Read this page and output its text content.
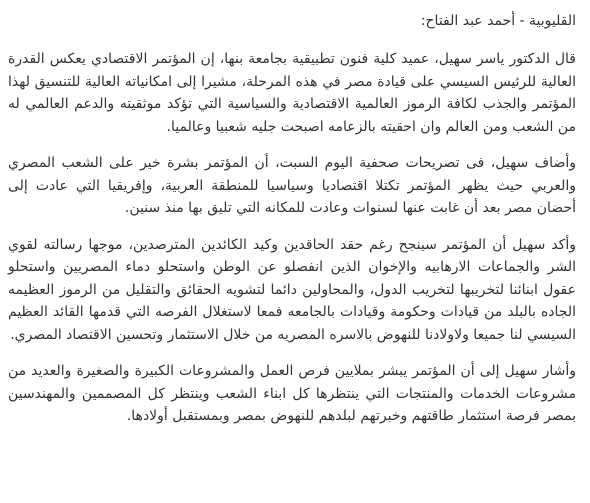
القليوبية - أحمد عبد الفتاح:

قال الدكتور ياسر سهيل، عميد كلية فنون تطبيقية بجامعة بنها، إن المؤتمر الاقتصادي يعكس القدرة العالية للرئيس السيسي على قيادة مصر في هذه المرحلة، مشيرا إلى امكانياته العالية للتنسيق لهذا المؤتمر والجذب لكافة الرموز العالمية الاقتصادية والسياسية التي تؤكد موثقيته والدعم العالمي له من الشعب ومن العالم وان احقيته بالزعامه اصبحت جليه شعبيا وعالميا.

وأضاف سهيل، فى تصريحات صحفية اليوم السبت، أن المؤتمر بشرة خير على الشعب المصري والعربي حيث يظهر المؤتمر تكتلا اقتصاديا وسياسيا للمنطقة العربية، وإفريقيا التي عادت إلى أحضان مصر بعد أن غابت عنها لسنوات وعادت للمكانه التي تليق بها منذ سنين.

وأكد سهيل أن المؤتمر سينجح رغم حقد الحاقدين وكيد الكائدين المترصدين، موجها رسالته لقوي الشر والجماعات الارهابيه والإخوان الذين انفصلو عن الوطن واستحلو دماء المصريين واستحلو عقول ابنائنا لتخريبها لتخريب الدول، والمحاولين دائما لتشويه الحقائق والتقليل من الرموز العظيمه الجاده بالبلد من قيادات وحكومة وقيادات بالجامعه فمعا لاستغلال الفرصه التي قدمها القائد العظيم السيسي لنا جميعا ولاولادنا للنهوض بالاسره المصريه من خلال الاستثمار وتحسين الاقتصاد المصري.

وأشار سهيل إلى أن المؤتمر يبشر بملايين فرص العمل والمشروعات الكبيرة والصغيرة والعديد من مشروعات الخدمات والمنتجات التي ينتظرها كل ابناء الشعب وينتظر كل المصممين والمهندسين بمصر فرصة استثمار طاقتهم وخبرتهم لبلدهم للنهوض بمصر وبمستقبل أولادها.
